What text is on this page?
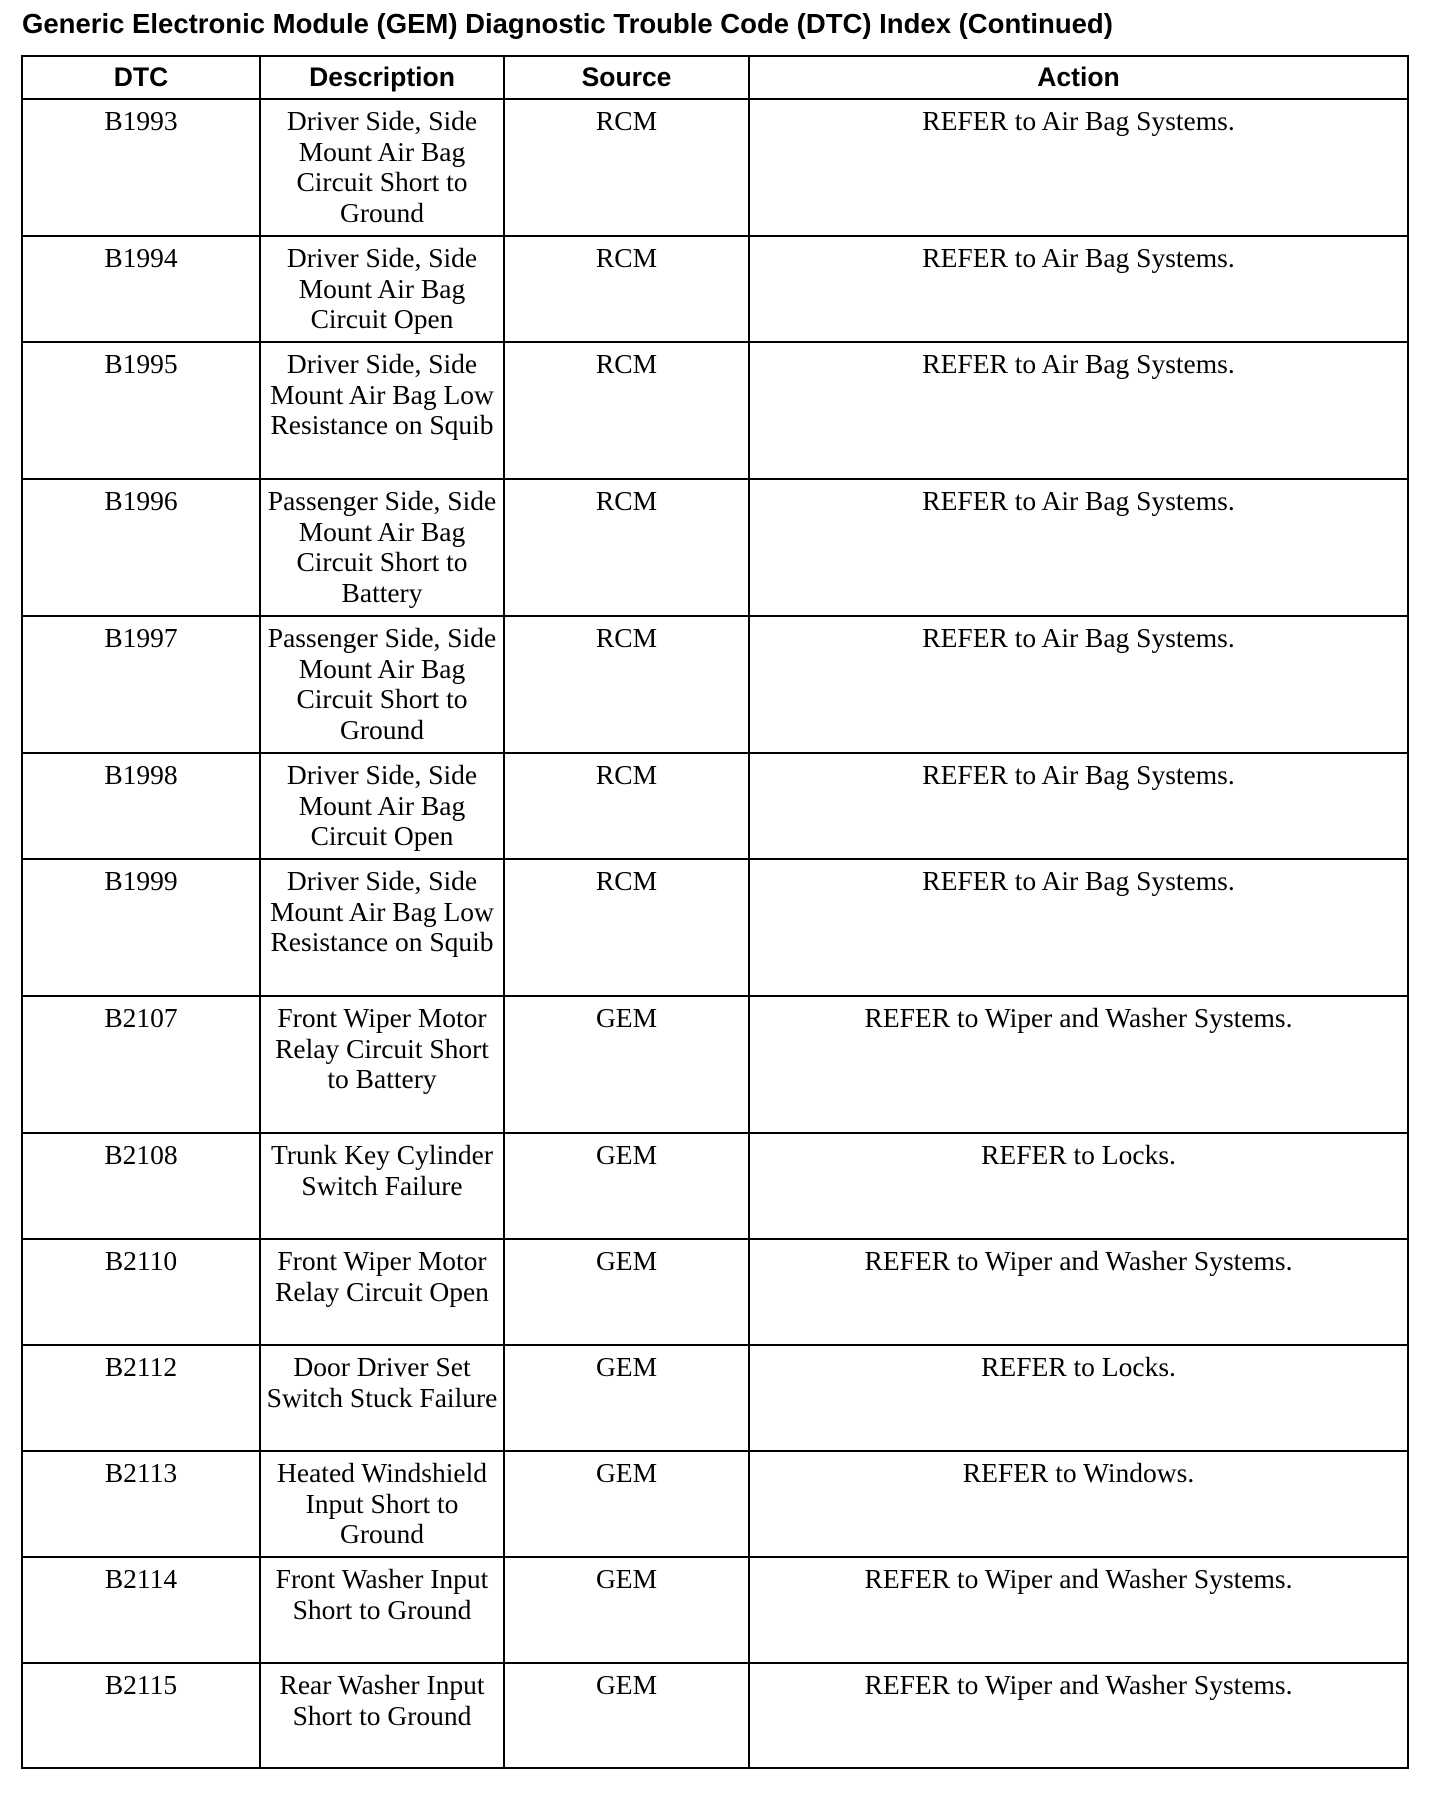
Generic Electronic Module (GEM) Diagnostic Trouble Code (DTC) Index (Continued)
DTC	Description	Source	Action
B1993	Driver Side, Side Mount Air Bag Circuit Short to Ground	RCM	REFER to Air Bag Systems.
B1994	Driver Side, Side Mount Air Bag Circuit Open	RCM	REFER to Air Bag Systems.
B1995	Driver Side, Side Mount Air Bag Low Resistance on Squib	RCM	REFER to Air Bag Systems.
B1996	Passenger Side, Side Mount Air Bag Circuit Short to Battery	RCM	REFER to Air Bag Systems.
B1997	Passenger Side, Side Mount Air Bag Circuit Short to Ground	RCM	REFER to Air Bag Systems.
B1998	Driver Side, Side Mount Air Bag Circuit Open	RCM	REFER to Air Bag Systems.
B1999	Driver Side, Side Mount Air Bag Low Resistance on Squib	RCM	REFER to Air Bag Systems.
B2107	Front Wiper Motor Relay Circuit Short to Battery	GEM	REFER to Wiper and Washer Systems.
B2108	Trunk Key Cylinder Switch Failure	GEM	REFER to Locks.
B2110	Front Wiper Motor Relay Circuit Open	GEM	REFER to Wiper and Washer Systems.
B2112	Door Driver Set Switch Stuck Failure	GEM	REFER to Locks.
B2113	Heated Windshield Input Short to Ground	GEM	REFER to Windows.
B2114	Front Washer Input Short to Ground	GEM	REFER to Wiper and Washer Systems.
B2115	Rear Washer Input Short to Ground	GEM	REFER to Wiper and Washer Systems.
